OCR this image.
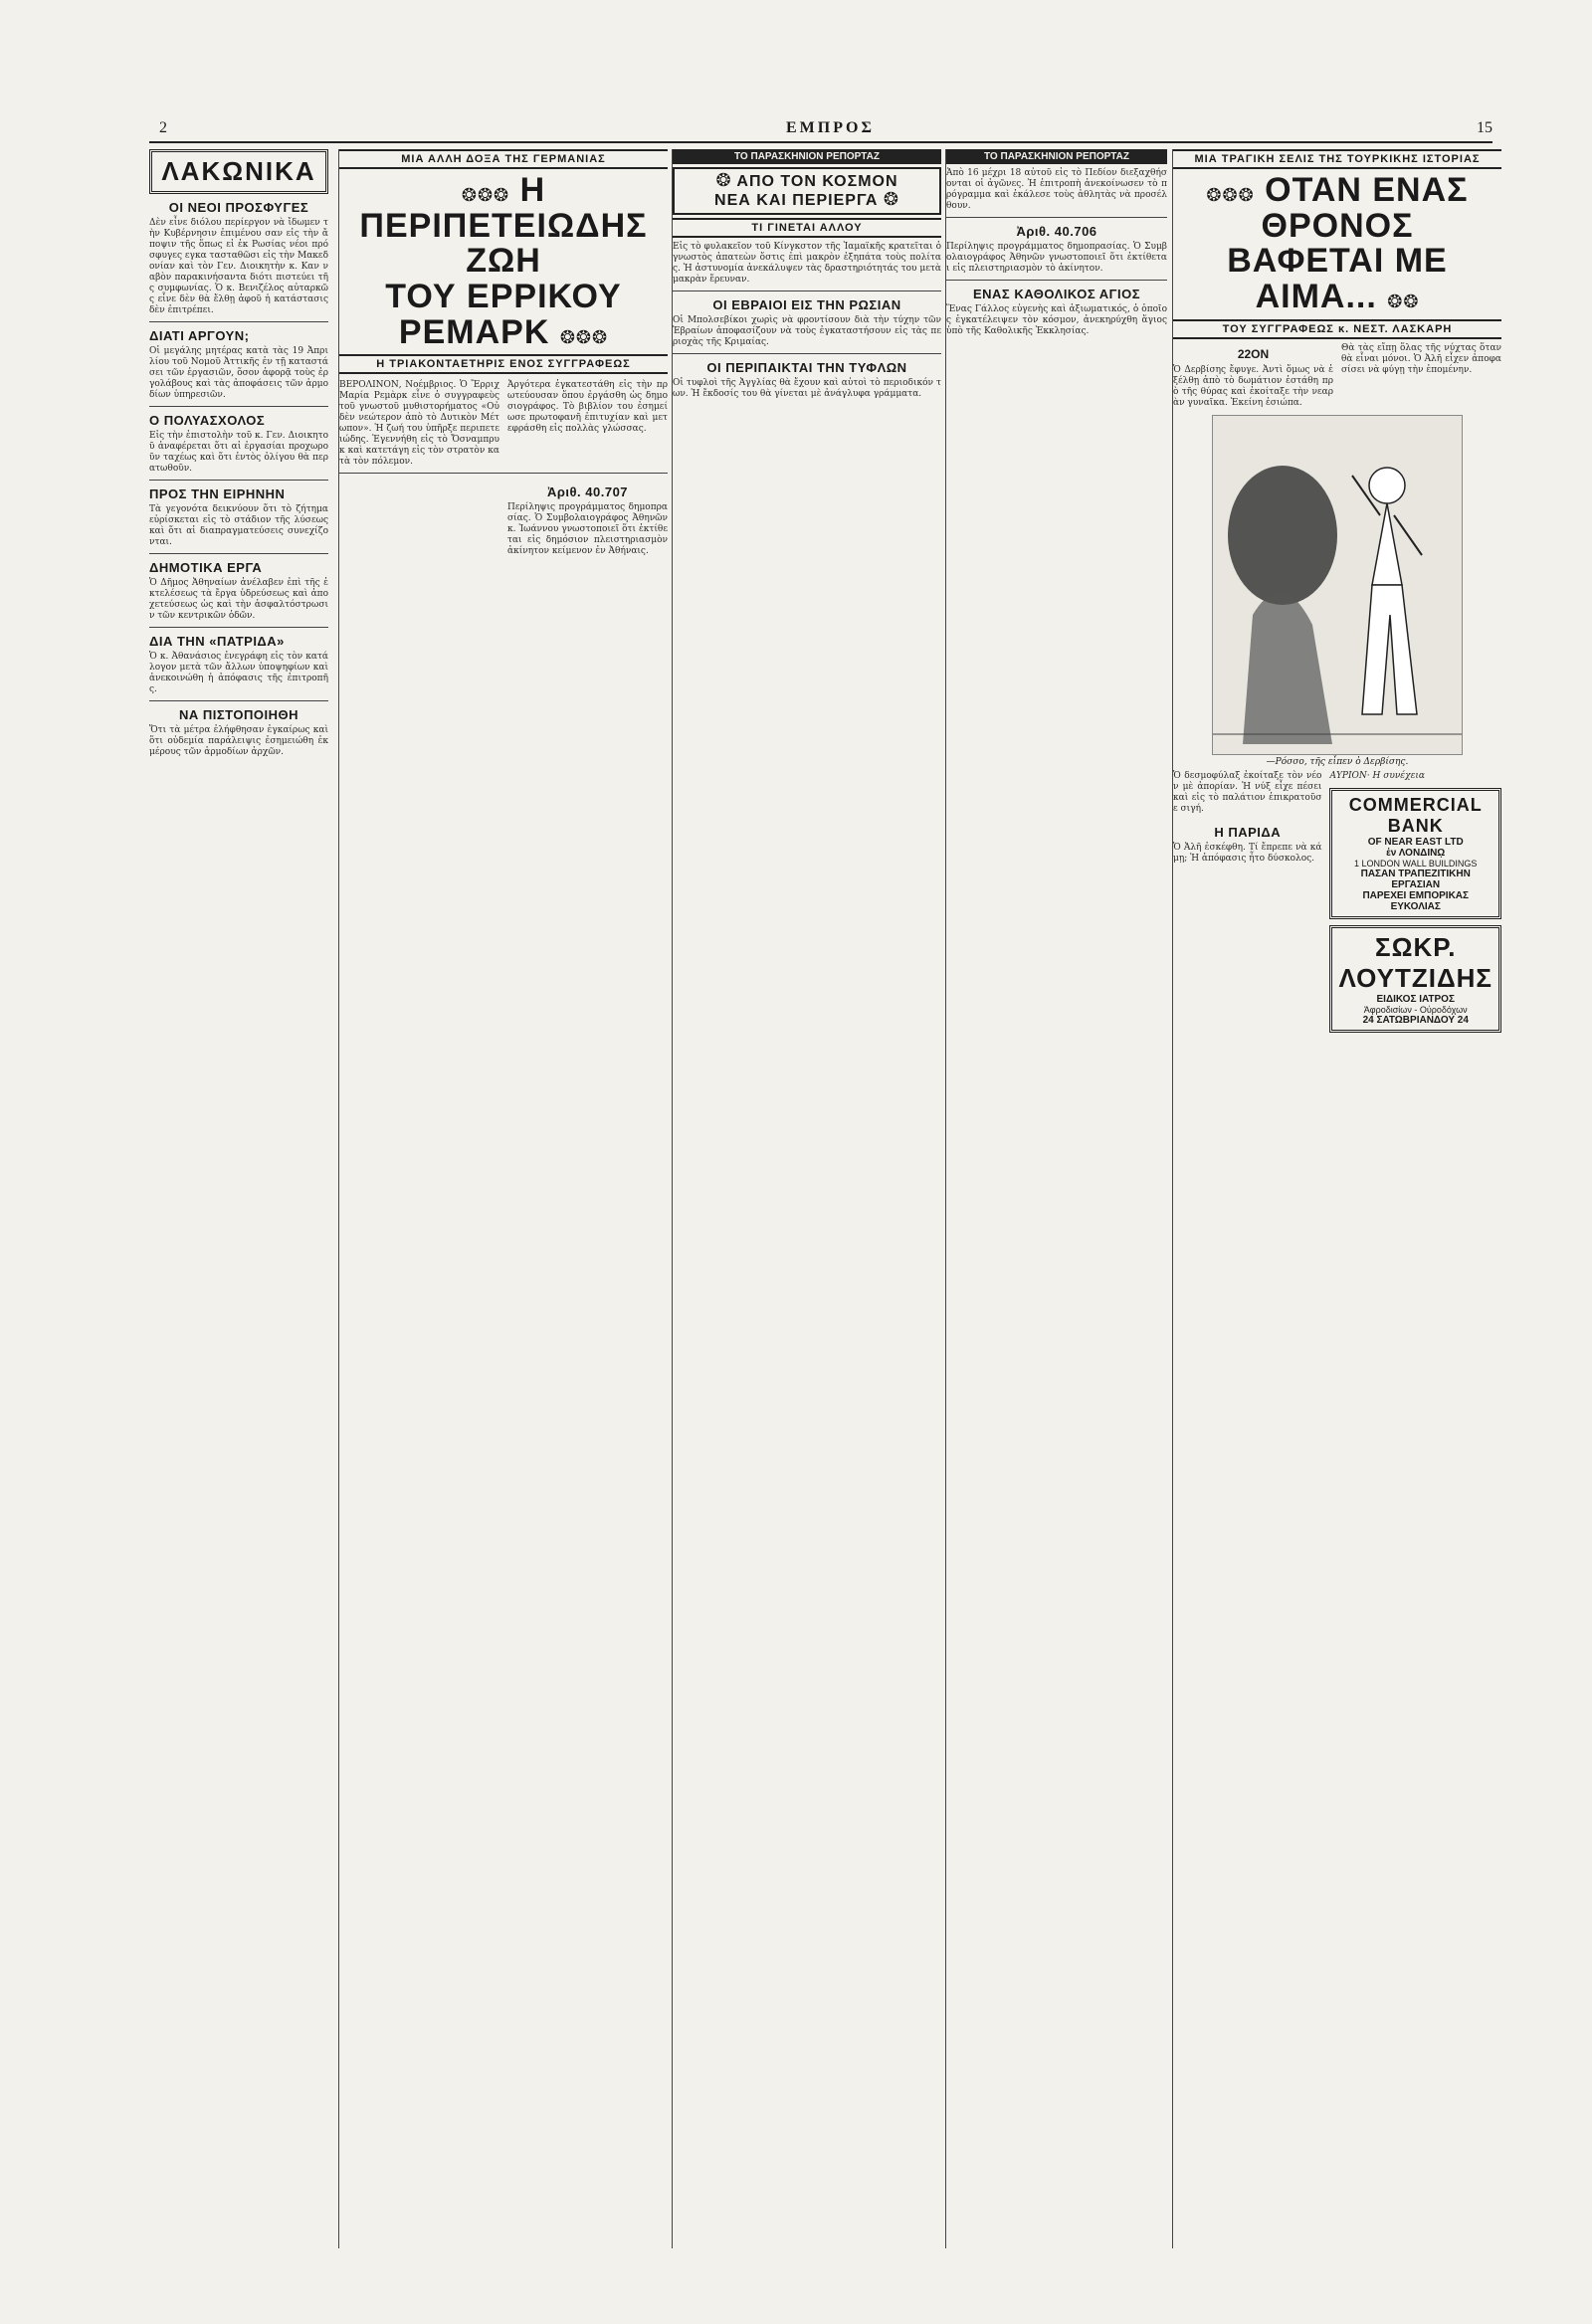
2	ΕΜΠΡΟΣ	15
ΛΑΚΩΝΙΚΑ
ΟΙ ΝΕΟΙ ΠΡΟΣΦΥΓΕΣ
Δὲν εἶνε διόλου περίεργον νὰ ἴδωμεν τὴν Κυβέρνησιν ἐπιμένου σαν εἰς τὴν ἄποψιν τῆς ὅπως εἰ ἐκ Ρωσίας νέοι πρόσφυγες εγκα τασταθῶσι εἰς τὴν Μακεδονίαν καὶ τὸν Γεν. Διοικητὴν κ. Καν ναβὸν παρακινήσαντα διότι πιστεύει τῆς συμφωνίας. Ὁ κ. Βενιζέλος αὐταρκῶς εἶνε δὲν θὰ ἔλθῃ ἀφοῦ ἡ κατάστασις δὲν ἐπιτρέπει.
ΔΙΑΤΙ ΑΡΓΟΥΝ;
Οἱ μεγάλης μητέρας κατὰ τὰς 19 Ἀπριλίου τοῦ Νομοῦ Ἀττικῆς ἐν τῇ καταστάσει τῶν ἐργασιῶν, ὅσον ἀφορᾷ τοὺς ἐργολάβους καὶ τὰς ἀποφάσεις τῶν ἁρμοδίων ὑπηρεσιῶν.
Ο ΠΟΛΥΑΣΧΟΛΟΣ
Εἰς τὴν ἐπιστολὴν τοῦ κ. Γεν. Διοικητοῦ ἀναφέρεται ὅτι αἱ ἐργασίαι προχωροῦν ταχέως καὶ ὅτι ἐντὸς ὀλίγου θὰ περατωθοῦν.
ΠΡΟΣ ΤΗΝ ΕΙΡΗΝΗΝ
Τὰ γεγονότα δεικνύουν ὅτι τὸ ζήτημα εὑρίσκεται εἰς τὸ στάδιον τῆς λύσεως καὶ ὅτι αἱ διαπραγματεύσεις συνεχίζονται.
ΔΗΜΟΤΙΚΑ ΕΡΓΑ
Ὁ Δῆμος Ἀθηναίων ἀνέλαβεν ἐπὶ τῆς ἐκτελέσεως τὰ ἔργα ὑδρεύσεως καὶ ἀποχετεύσεως ὡς καὶ τὴν ἀσφαλτόστρωσιν τῶν κεντρικῶν ὁδῶν.
ΔΙΑ ΤΗΝ «ΠΑΤΡΙΔΑ»
Ὁ κ. Ἀθανάσιος ἐνεγράφη εἰς τὸν κατάλογον μετὰ τῶν ἄλλων ὑποψηφίων καὶ ἀνεκοινώθη ἡ ἀπόφασις τῆς ἐπιτροπῆς.
ΝΑ ΠΙΣΤΟΠΟΙΗΘΗ
Ὅτι τὰ μέτρα ἐλήφθησαν ἐγκαίρως καὶ ὅτι οὐδεμία παράλειψις ἐσημειώθη ἐκ μέρους τῶν ἁρμοδίων ἀρχῶν.
ΜΙΑ ΑΛΛΗ ΔΟΞΑ ΤΗΣ ΓΕΡΜΑΝΙΑΣ
❂❂❂ Η ΠΕΡΙΠΕΤΕΙΩΔΗΣ ΖΩΗ
ΤΟΥ ΕΡΡΙΚΟΥ ΡΕΜΑΡΚ ❂❂❂
Η ΤΡΙΑΚΟΝΤΑΕΤΗΡΙΣ ΕΝΟΣ ΣΥΓΓΡΑΦΕΩΣ
ΒΕΡΟΛΙΝΟΝ, Νοέμβριος. Ὁ Ἔρριχ Μαρία Ρεμὰρκ εἶνε ὁ συγγραφεὺς τοῦ γνωστοῦ μυθιστορήματος «Οὐδὲν νεώτερον ἀπὸ τὸ Δυτικὸν Μέτωπον». Ἡ ζωή του ὑπῆρξε περιπετειώδης. Ἐγεννήθη εἰς τὸ Ὄσναμπρυκ καὶ κατετάγη εἰς τὸν στρατὸν κατὰ τὸν πόλεμον.
Ἀργότερα ἐγκατεστάθη εἰς τὴν πρωτεύουσαν ὅπου ἐργάσθη ὡς δημοσιογράφος. Τὸ βιβλίον του ἐσημείωσε πρωτοφανῆ ἐπιτυχίαν καὶ μετεφράσθη εἰς πολλὰς γλώσσας.
Ἀριθ. 40.707
Περίληψις προγράμματος δημοπρασίας. Ὁ Συμβολαιογράφος Ἀθηνῶν κ. Ἰωάννου γνωστοποιεῖ ὅτι ἐκτίθεται εἰς δημόσιον πλειστηριασμὸν ἀκίνητον κείμενον ἐν Ἀθήναις.
ΤΟ ΠΑΡΑΣΚΗΝΙΟΝ ΡΕΠΟΡΤΑΖ
❂ ΑΠΟ ΤΟΝ ΚΟΣΜΟΝ
ΝΕΑ ΚΑΙ ΠΕΡΙΕΡΓΑ ❂
ΤΙ ΓΙΝΕΤΑΙ ΑΛΛΟΥ
Εἰς τὸ φυλακεῖον τοῦ Κίνγκστον τῆς Ἰαμαϊκῆς κρατεῖται ὁ γνωστὸς ἀπατεὼν ὅστις ἐπὶ μακρὸν ἐξηπάτα τοὺς πολίτας. Ἡ ἀστυνομία ἀνεκάλυψεν τὰς δραστηριότητάς του μετὰ μακρὰν ἔρευναν.
ΟΙ ΕΒΡΑΙΟΙ ΕΙΣ ΤΗΝ ΡΩΣΙΑΝ
Οἱ Μπολσεβίκοι χωρὶς νὰ φροντίσουν διὰ τὴν τύχην τῶν Ἑβραίων ἀποφασίζουν νὰ τοὺς ἐγκαταστήσουν εἰς τὰς περιοχὰς τῆς Κριμαίας.
ΟΙ ΠΕΡΙΠΑΙΚΤΑΙ ΤΗΝ ΤΥΦΛΩΝ
Οἱ τυφλοὶ τῆς Ἀγγλίας θὰ ἔχουν καὶ αὐτοὶ τὸ περιοδικόν των. Ἡ ἔκδοσίς του θὰ γίνεται μὲ ἀνάγλυφα γράμματα.
ΤΟ ΠΑΡΑΣΚΗΝΙΟΝ ΡΕΠΟΡΤΑΖ
Ἀπὸ 16 μέχρι 18 αὐτοῦ εἰς τὸ Πεδίον διεξαχθήσονται οἱ ἀγῶνες. Ἡ ἐπιτροπὴ ἀνεκοίνωσεν τὸ πρόγραμμα καὶ ἐκάλεσε τοὺς ἀθλητὰς νὰ προσέλθουν.
Ἀριθ. 40.706
Περίληψις προγράμματος δημοπρασίας. Ὁ Συμβολαιογράφος Ἀθηνῶν γνωστοποιεῖ ὅτι ἐκτίθεται εἰς πλειστηριασμὸν τὸ ἀκίνητον.
ΕΝΑΣ ΚΑΘΟΛΙΚΟΣ ΑΓΙΟΣ
Ἕνας Γάλλος εὐγενὴς καὶ ἀξιωματικός, ὁ ὁποῖος ἐγκατέλειψεν τὸν κόσμον, ἀνεκηρύχθη ἅγιος ὑπὸ τῆς Καθολικῆς Ἐκκλησίας.
ΜΙΑ ΤΡΑΓΙΚΗ ΣΕΛΙΣ ΤΗΣ ΤΟΥΡΚΙΚΗΣ ΙΣΤΟΡΙΑΣ
❂❂❂ ΟΤΑΝ ΕΝΑΣ ΘΡΟΝΟΣ
ΒΑΦΕΤΑΙ ΜΕ ΑΙΜΑ... ❂❂
ΤΟΥ ΣΥΓΓΡΑΦΕΩΣ κ. ΝΕΣΤ. ΛΑΣΚΑΡΗ
22ΟΝ
Ὁ Δερβίσης ἔφυγε. Ἀντὶ ὅμως νὰ ἐξέλθῃ ἀπὸ τὸ δωμάτιον ἐστάθη πρὸ τῆς θύρας καὶ ἐκοίταξε τὴν νεαρὰν γυναῖκα. Ἐκείνη ἐσιώπα.
Θὰ τὰς εἴπῃ ὅλας τῆς νύχτας ὅταν θὰ εἶναι μόνοι. Ὁ Ἀλῆ εἶχεν ἀποφασίσει νὰ φύγῃ τὴν ἐπομένην.
—Ρόσσο, τῆς εἶπεν ὁ Δερβίσης.
Ὁ δεσμοφύλαξ ἐκοίταξε τὸν νέον μὲ ἀπορίαν. Ἡ νύξ εἶχε πέσει καὶ εἰς τὸ παλάτιον ἐπικρατοῦσε σιγή.
Η ΠΑΡΙΔΑ
Ὁ Ἀλῆ ἐσκέφθη. Τί ἔπρεπε νὰ κάμῃ; Ἡ ἀπόφασις ἦτο δύσκολος.
ΑΥΡΙΟΝ· Η συνέχεια
COMMERCIAL BANK
OF NEAR EAST LTD
ἐν ΛΟΝΔΙΝῼ
1 LONDON WALL BUILDINGS
ΠΑΣΑΝ ΤΡΑΠΕΖΙΤΙΚΗΝ ΕΡΓΑΣΙΑΝ
ΠΑΡΕΧΕΙ ΕΜΠΟΡΙΚΑΣ ΕΥΚΟΛΙΑΣ
ΣΩΚΡ. ΛΟΥΤΖΙΔΗΣ
ΕΙΔΙΚΟΣ ΙΑΤΡΟΣ
Ἀφροδισίων - Οὐροδόχων
24 ΣΑΤΩΒΡΙΑΝΔΟΥ 24
